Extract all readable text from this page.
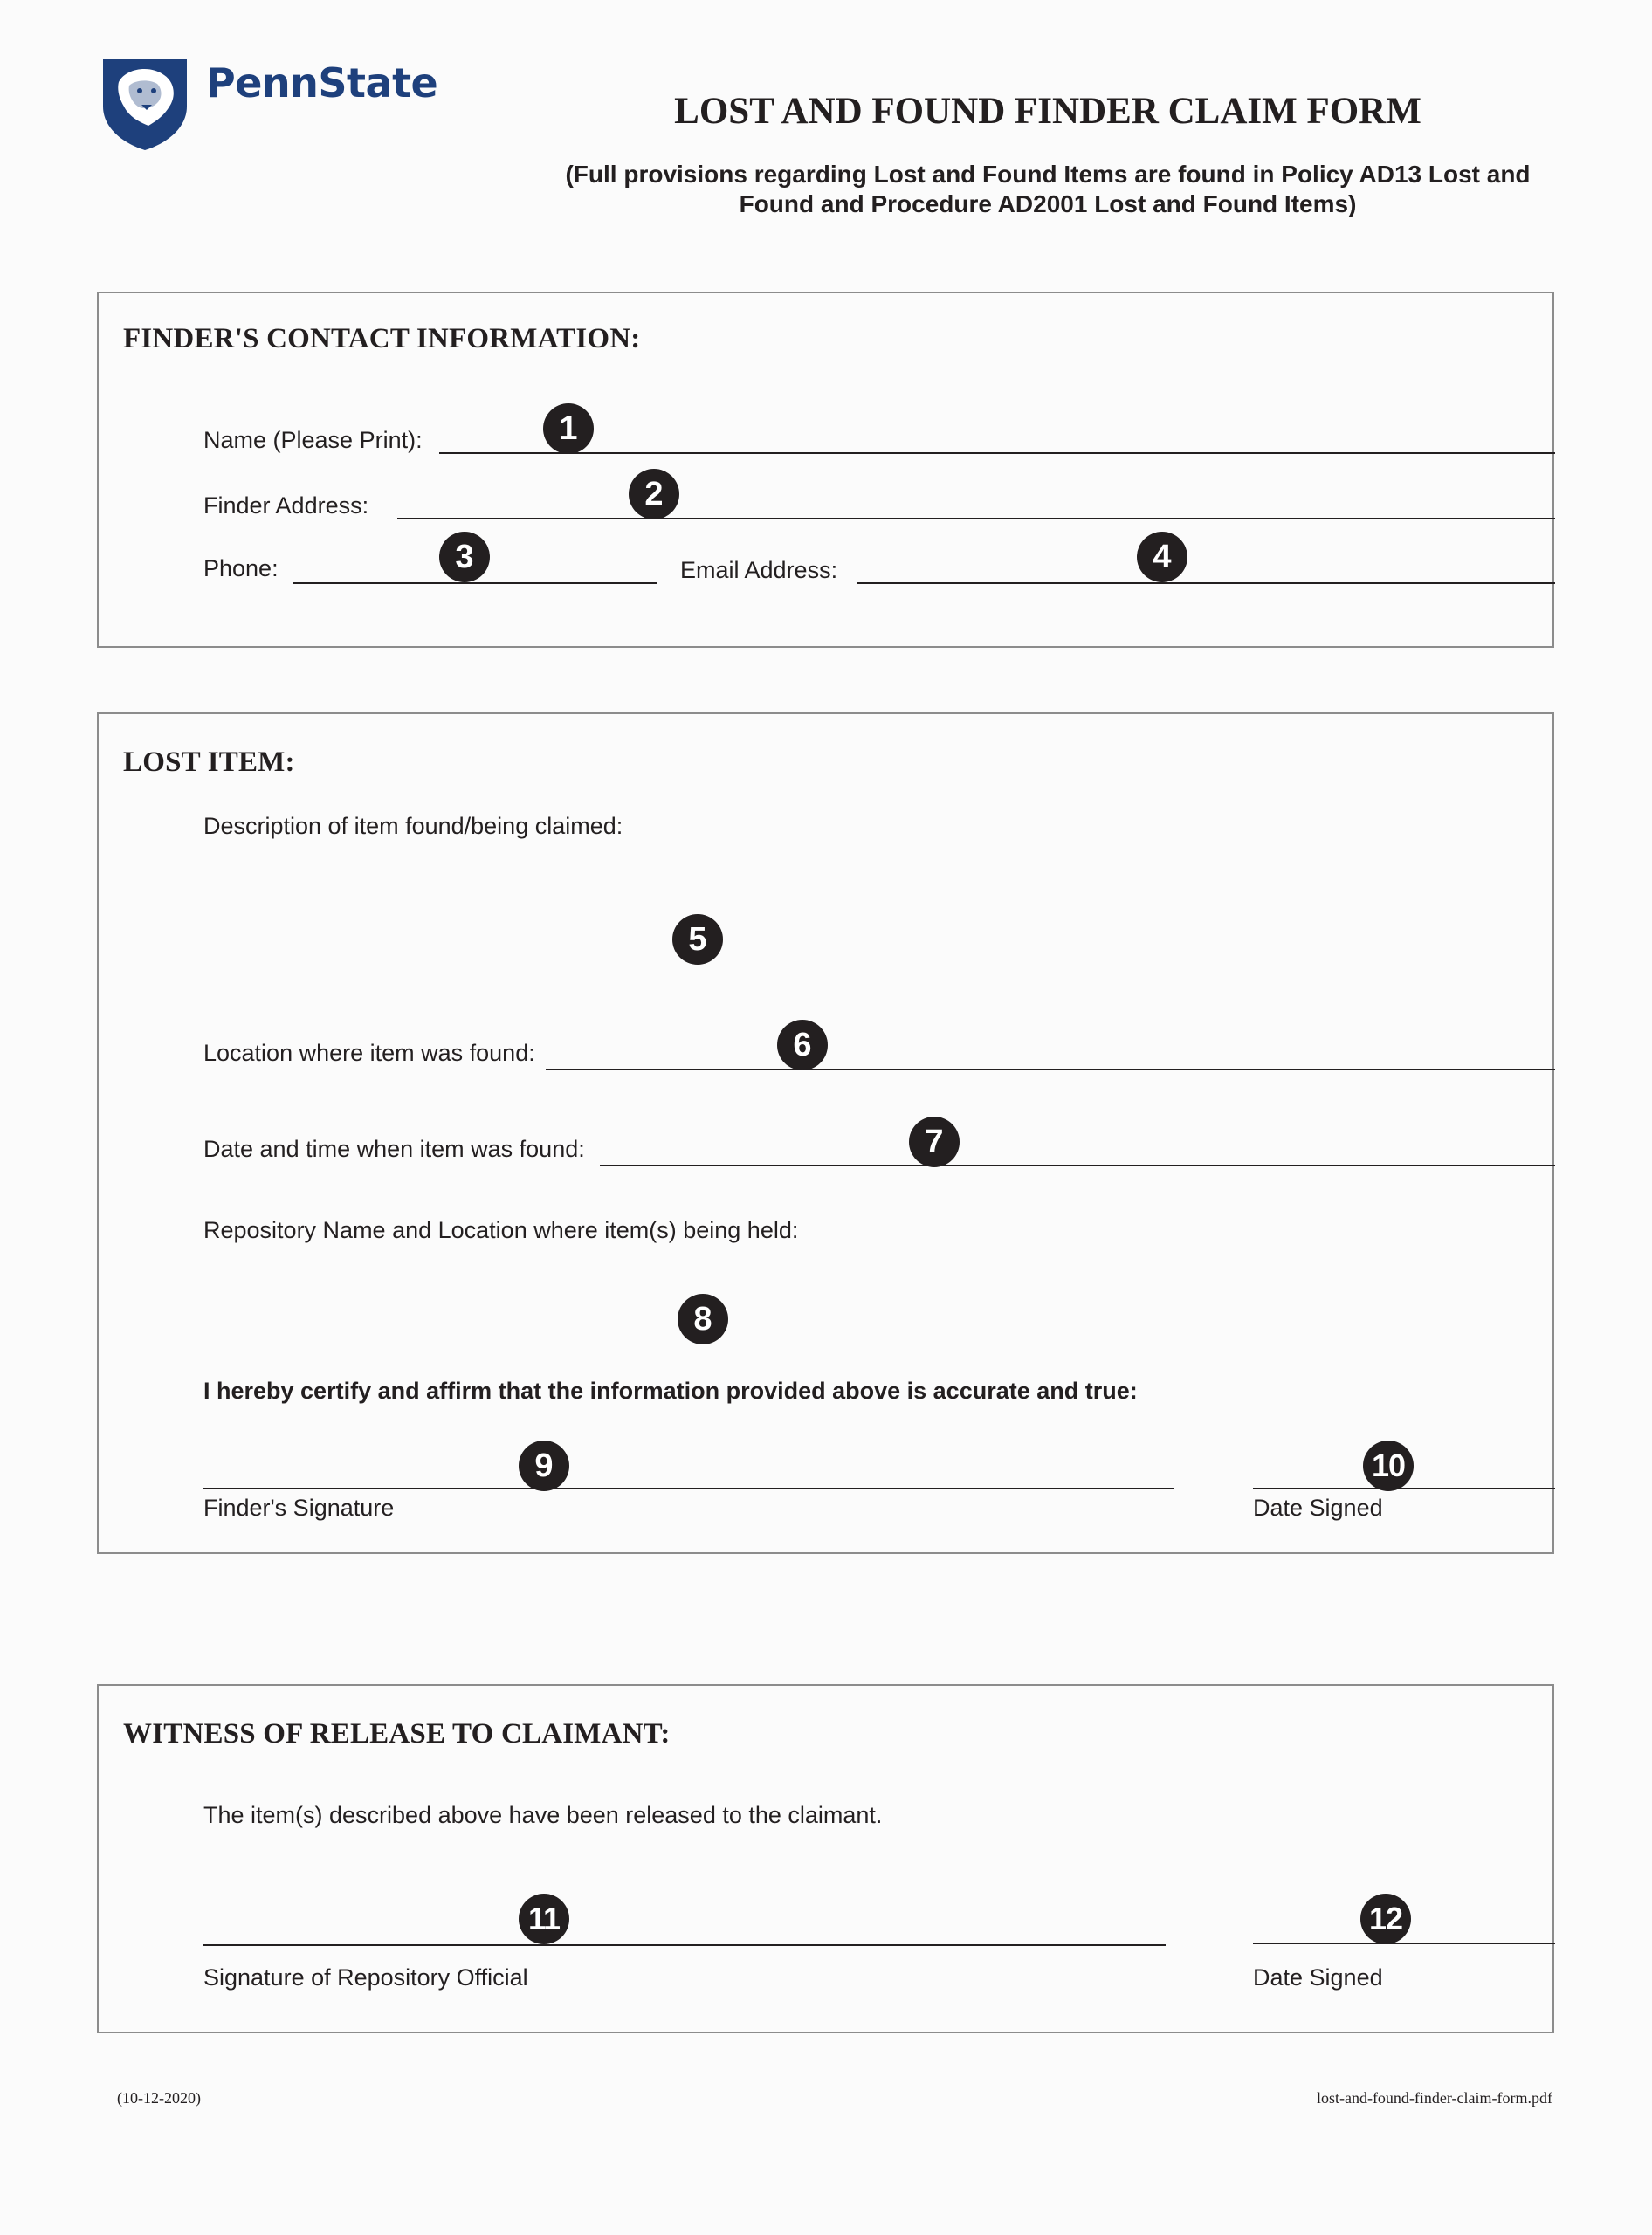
PennState
LOST AND FOUND FINDER CLAIM FORM
(Full provisions regarding Lost and Found Items are found in Policy AD13 Lost and
Found and Procedure AD2001 Lost and Found Items)
FINDER'S CONTACT INFORMATION:
Name (Please Print):
Finder Address:
Phone:	Email Address:
LOST ITEM:
Description of item found/being claimed:
Location where item was found:
Date and time when item was found:
Repository Name and Location where item(s) being held:
I hereby certify and affirm that the information provided above is accurate and true:
Finder's Signature	Date Signed
WITNESS OF RELEASE TO CLAIMANT:
The item(s) described above have been released to the claimant.
Signature of Repository Official	Date Signed
1
2
3	4
5
6
7
8
9	10
11	12
(10-12-2020)	lost-and-found-finder-claim-form.pdf
